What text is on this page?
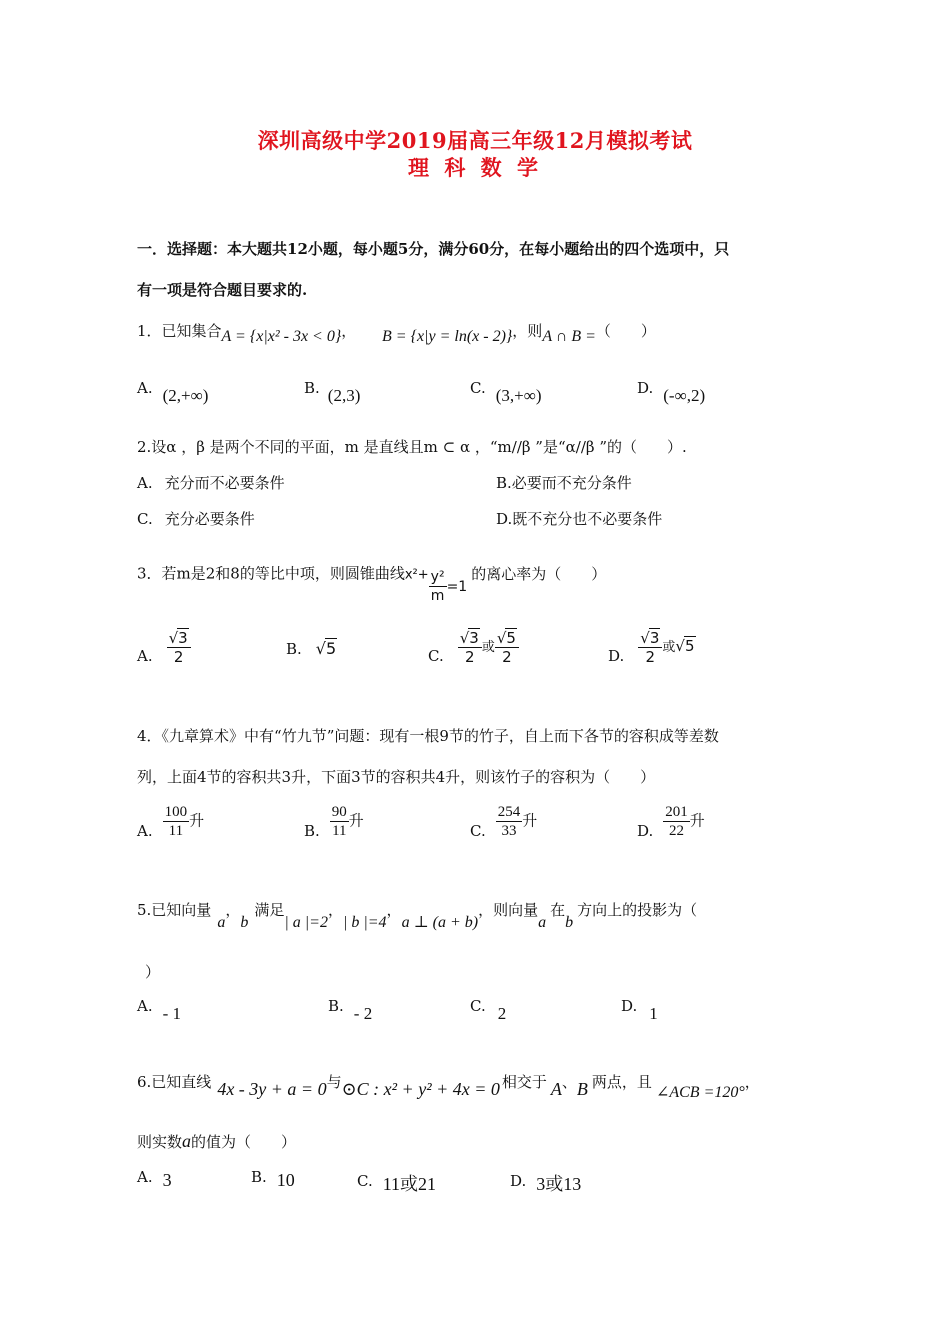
深圳高级中学2019届高三年级12月模拟考试
理 科 数 学
一．选择题：本大题共12小题，每小题5分，满分60分，在每小题给出的四个选项中，只
有一项是符合题目要求的.
1．已知集合A = {x|x² - 3x < 0}， B = {x|y = ln(x - 2)}，则A ∩ B =（　　）
A. (2,+∞)	B. (2,3)	C. (3,+∞)	D. (-∞,2)
2.设α ，β 是两个不同的平面，m 是直线且m ⊂ α ，“m//β ”是“α//β ”的（　　）.
A. 充分而不必要条件	B.必要而不充分条件
C. 充分必要条件	D.既不充分也不必要条件
3．若m是2和8的等比中项，则圆锥曲线$x^2+ \frac{\text{y²}}{m} =1$的离心率为（　　）
A. $\frac{√3}{2}$	B. √5	C. $\frac{√3}{2}$ 或 $\frac{√5}{2}$	D. $\frac{√3}{2}$ 或√5
4．《九章算术》中有“竹九节”问题：现有一根9节的竹子，自上而下各节的容积成等差数
列，上面4节的容积共3升，下面3节的容积共4升，则该竹子的容积为（　　）
A. $\frac{100}{11}$ 升
B. $\frac{90}{11}$ 升
C. $\frac{254}{33}$ 升
D. $\frac{201}{22}$ 升
5.已知向量a，b满足| a |=2，| b |=4，a ⊥ (a + b)，则向量a在b方向上的投影为（
）
A. - 1	B. - 2	C. 2	D. 1
6.已知直线 4x - 3y + a = 0与⊙C : x² + y² + 4x = 0 相交于 A、B 两点，且∠ACB =120°，
则实数a的值为（　　）
A. 3	B. 10	C. 11或21	D. 3或13
